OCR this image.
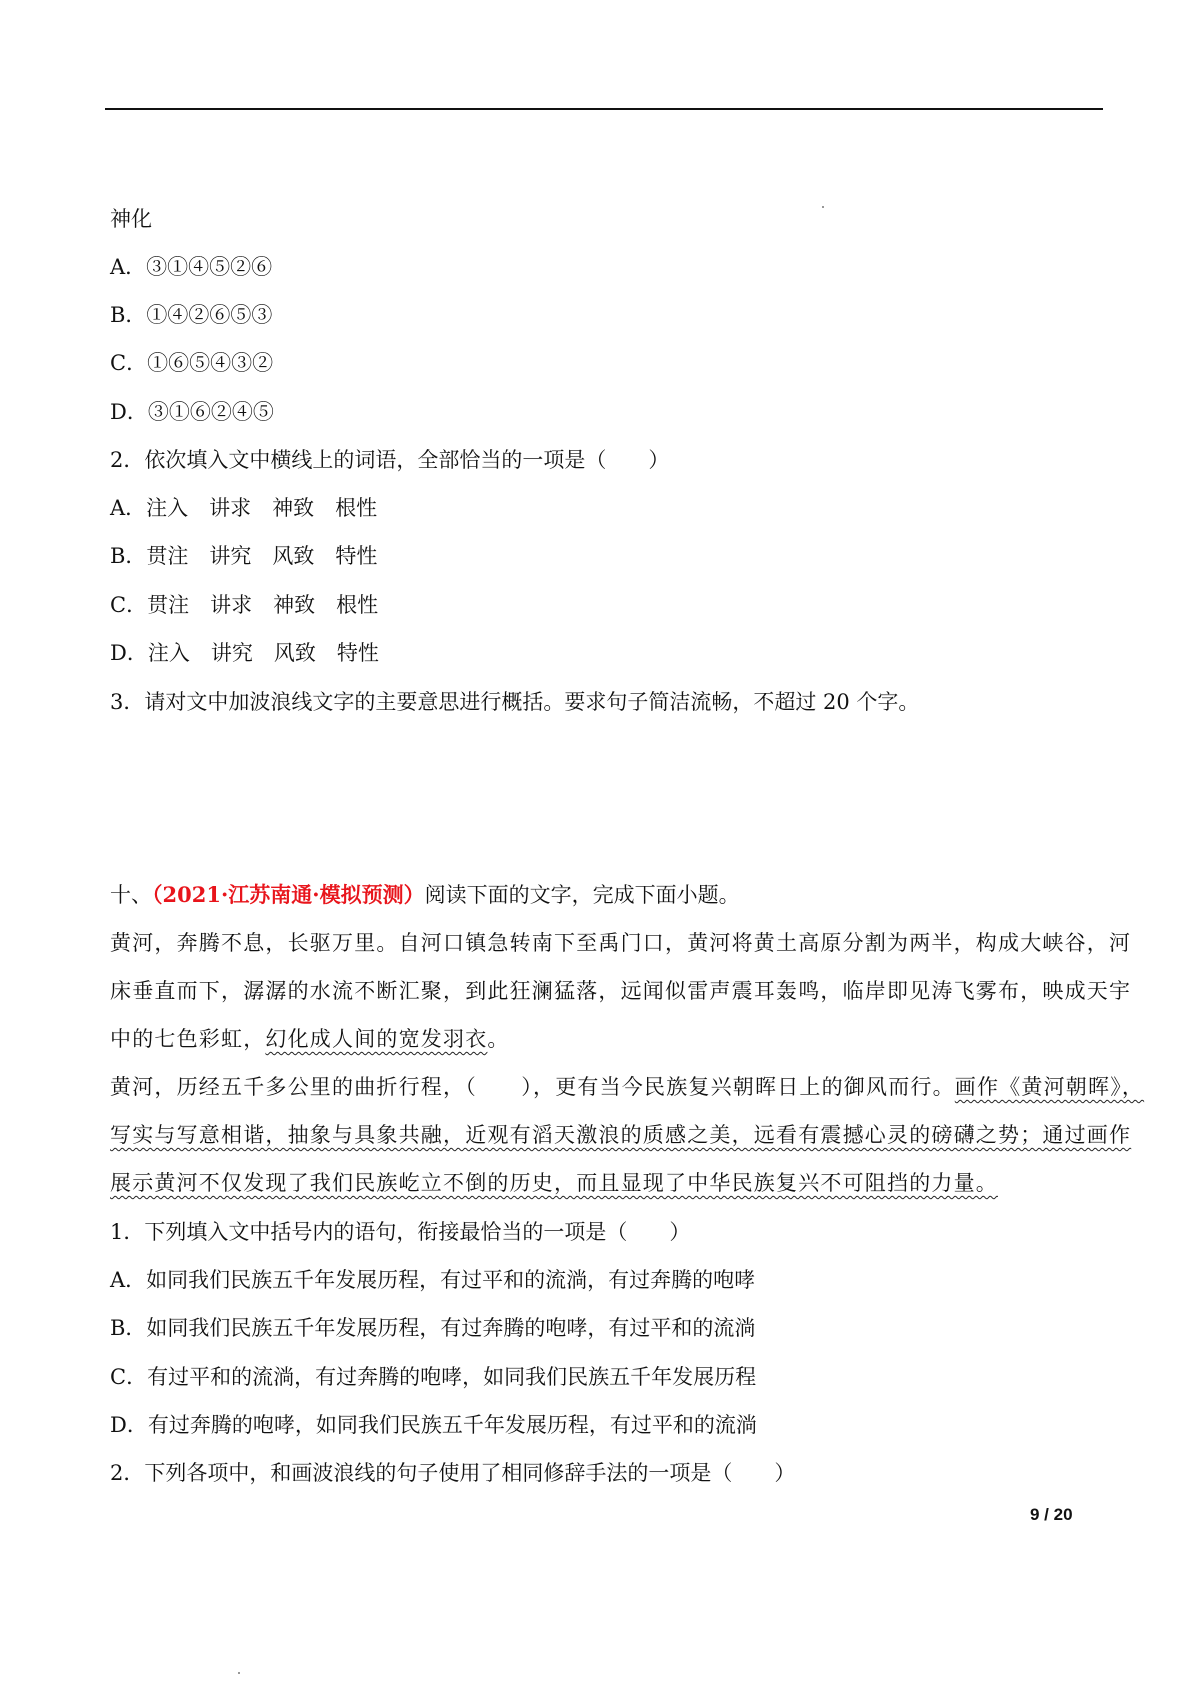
神化
A．③①④⑤②⑥
B．①④②⑥⑤③
C．①⑥⑤④③②
D．③①⑥②④⑤
2．依次填入文中横线上的词语，全部恰当的一项是（　　）
A．注入　讲求　神致　根性
B．贯注　讲究　风致　特性
C．贯注　讲求　神致　根性
D．注入　讲究　风致　特性
3．请对文中加波浪线文字的主要意思进行概括。要求句子简洁流畅，不超过 20 个字。
十、（2021·江苏南通·模拟预测）阅读下面的文字，完成下面小题。
黄河，奔腾不息，长驱万里。自河口镇急转南下至禹门口，黄河将黄土高原分割为两半，构成大峡谷，河
床垂直而下，潺潺的水流不断汇聚，到此狂澜猛落，远闻似雷声震耳轰鸣，临岸即见涛飞雾布，映成天宇
中的七色彩虹，幻化成人间的宽发羽衣。
黄河，历经五千多公里的曲折行程，（　　），更有当今民族复兴朝晖日上的御风而行。画作《黄河朝晖》，
写实与写意相谐，抽象与具象共融，近观有滔天激浪的质感之美，远看有震撼心灵的磅礴之势；通过画作
展示黄河不仅发现了我们民族屹立不倒的历史，而且显现了中华民族复兴不可阻挡的力量。
1．下列填入文中括号内的语句，衔接最恰当的一项是（　　）
A．如同我们民族五千年发展历程，有过平和的流淌，有过奔腾的咆哮
B．如同我们民族五千年发展历程，有过奔腾的咆哮，有过平和的流淌
C．有过平和的流淌，有过奔腾的咆哮，如同我们民族五千年发展历程
D．有过奔腾的咆哮，如同我们民族五千年发展历程，有过平和的流淌
2．下列各项中，和画波浪线的句子使用了相同修辞手法的一项是（　　）
9 / 20
